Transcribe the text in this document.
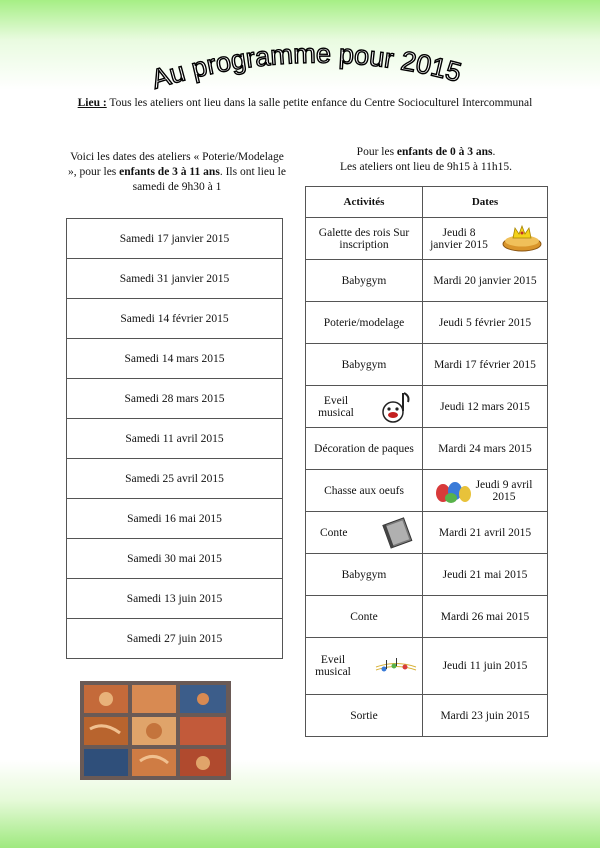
Au programme pour 2015
Lieu : Tous les ateliers ont lieu dans la salle petite enfance du Centre Socioculturel Intercommunal
Voici les dates des ateliers « Poterie/Modelage », pour les enfants de 3 à 11 ans. Ils ont lieu le samedi de 9h30 à 1
Pour les enfants de 0 à 3 ans.
Les ateliers ont lieu de 9h15 à 11h15.
Samedi 17 janvier 2015
Samedi 31 janvier 2015
Samedi 14 février 2015
Samedi 14 mars 2015
Samedi 28 mars 2015
Samedi 11 avril 2015
Samedi 25 avril 2015
Samedi 16 mai 2015
Samedi 30 mai 2015
Samedi 13 juin 2015
Samedi 27 juin 2015
Activités	Dates
Galette des rois Sur inscription	Jeudi 8 janvier 2015

Babygym	Mardi 20 janvier 2015
Poterie/modelage	Jeudi 5 février 2015
Babygym	Mardi 17 février 2015
Eveil musical	Jeudi 12 mars 2015
Décoration de paques	Mardi 24 mars 2015
Chasse aux oeufs	Jeudi 9 avril 2015
Conte	Mardi 21 avril 2015
Babygym	Jeudi 21 mai 2015
Conte	Mardi 26 mai 2015
Eveil musical	Jeudi 11 juin 2015
Sortie	Mardi 23 juin 2015
